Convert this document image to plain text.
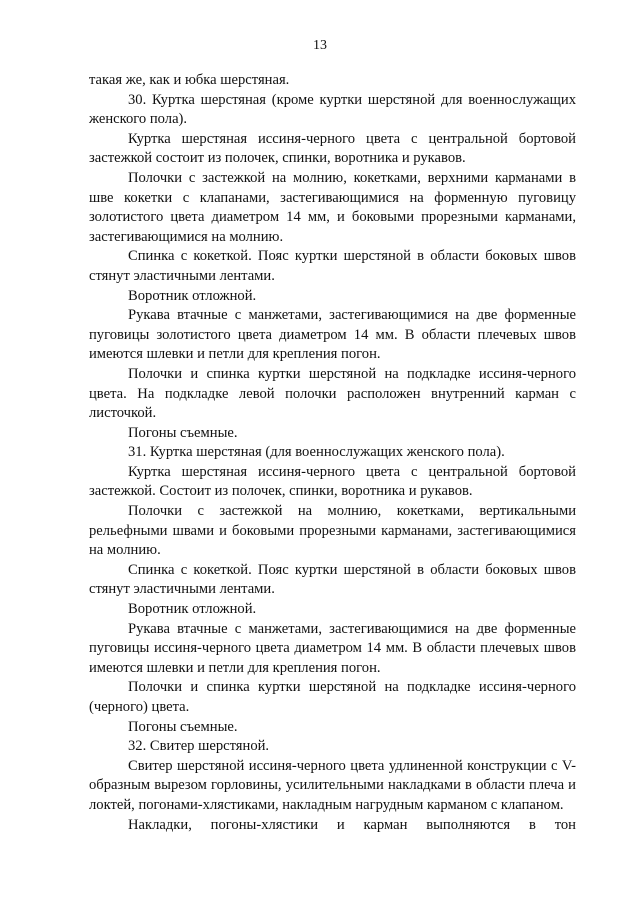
13

такая же, как и юбка шерстяная.

30. Куртка шерстяная (кроме куртки шерстяной для военнослужащих женского пола).

Куртка шерстяная иссиня-черного цвета с центральной бортовой застежкой состоит из полочек, спинки, воротника и рукавов.

Полочки с застежкой на молнию, кокетками, верхними карманами в шве кокетки с клапанами, застегивающимися на форменную пуговицу золотистого цвета диаметром 14 мм, и боковыми прорезными карманами, застегивающимися на молнию.

Спинка с кокеткой. Пояс куртки шерстяной в области боковых швов стянут эластичными лентами.

Воротник отложной.

Рукава втачные с манжетами, застегивающимися на две форменные пуговицы золотистого цвета диаметром 14 мм. В области плечевых швов имеются шлевки и петли для крепления погон.

Полочки и спинка куртки шерстяной на подкладке иссиня-черного цвета. На подкладке левой полочки расположен внутренний карман с листочкой.

Погоны съемные.

31. Куртка шерстяная (для военнослужащих женского пола).

Куртка шерстяная иссиня-черного цвета с центральной бортовой застежкой. Состоит из полочек, спинки, воротника и рукавов.

Полочки с застежкой на молнию, кокетками, вертикальными рельефными швами и боковыми прорезными карманами, застегивающимися на молнию.

Спинка с кокеткой. Пояс куртки шерстяной в области боковых швов стянут эластичными лентами.

Воротник отложной.

Рукава втачные с манжетами, застегивающимися на две форменные пуговицы иссиня-черного цвета диаметром 14 мм. В области плечевых швов имеются шлевки и петли для крепления погон.

Полочки и спинка куртки шерстяной на подкладке иссиня-черного (черного) цвета.

Погоны съемные.

32. Свитер шерстяной.

Свитер шерстяной иссиня-черного цвета удлиненной конструкции с V-образным вырезом горловины, усилительными накладками в области плеча и локтей, погонами-хлястиками, накладным нагрудным карманом с клапаном.

Накладки, погоны-хлястики и карман выполняются в тон
